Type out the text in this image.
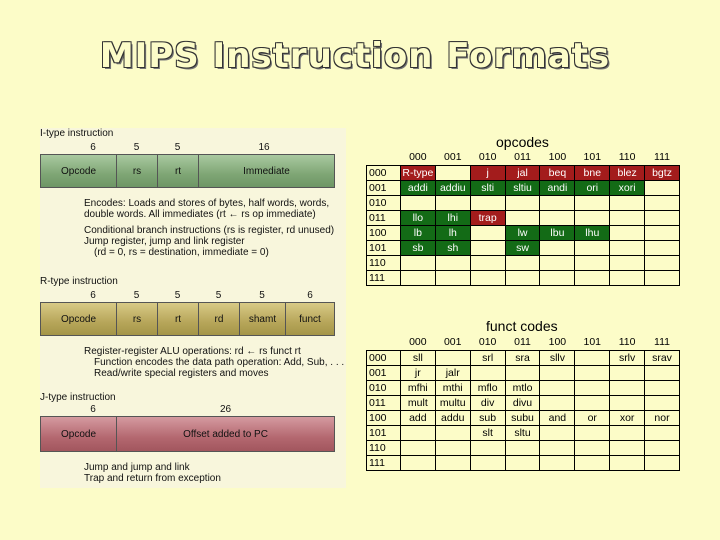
MIPS Instruction Formats
I-type instruction
6	5	5	16
Opcode	rs	rt	Immediate
Encodes: Loads and stores of bytes, half words, words,
double words. All immediates (rt ← rs op immediate)
Conditional branch instructions (rs is register, rd unused)
Jump register, jump and link register
(rd = 0, rs = destination, immediate = 0)
R-type instruction
6	5	5	5	5	6
Opcode	rs	rt	rd	shamt	funct
Register-register ALU operations: rd ← rs funct rt
Function encodes the data path operation: Add, Sub, . . .
Read/write special registers and moves
J-type instruction
6	26
Opcode	Offset added to PC
Jump and jump and link
Trap and return from exception
opcodes
	000	001	010	011	100	101	110	111
000	R-type		j	jal	beq	bne	blez	bgtz
001	addi	addiu	slti	sltiu	andi	ori	xori	
010								
011	llo	lhi	trap					
100	lb	lh		lw	lbu	lhu		
101	sb	sh		sw				
110								
111								
funct codes
	000	001	010	011	100	101	110	111
000	sll		srl	sra	sllv		srlv	srav
001	jr	jalr						
010	mfhi	mthi	mflo	mtlo				
011	mult	multu	div	divu				
100	add	addu	sub	subu	and	or	xor	nor
101			slt	sltu				
110								
111								
